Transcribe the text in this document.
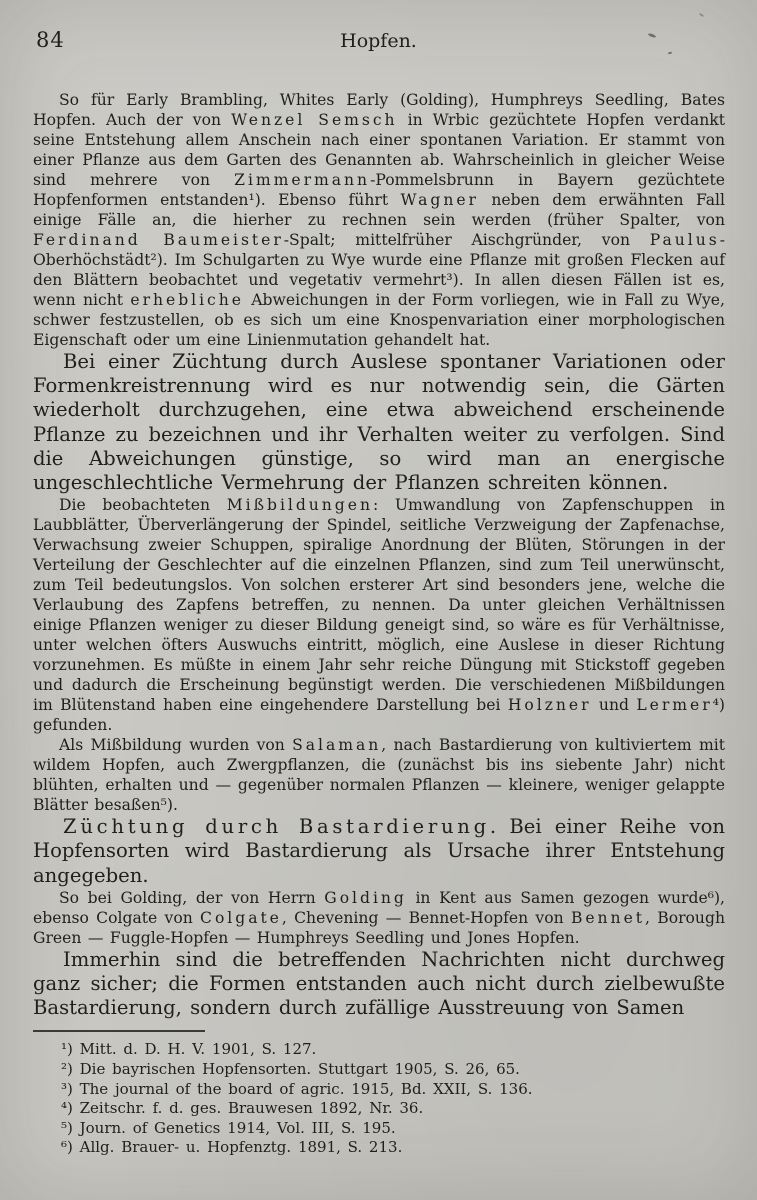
84	Hopfen.

So für Early Brambling, Whites Early (Golding), Humphreys Seedling, Bates Hopfen. Auch der von Wenzel Semsch in Wrbic gezüchtete Hopfen verdankt seine Entstehung allem Anschein nach einer spontanen Variation. Er stammt von einer Pflanze aus dem Garten des Genannten ab. Wahrscheinlich in gleicher Weise sind mehrere von Zimmermann-Pommelsbrunn in Bayern gezüchtete Hopfenformen entstanden¹). Ebenso führt Wagner neben dem erwähnten Fall einige Fälle an, die hierher zu rechnen sein werden (früher Spalter, von Ferdinand Baumeister-Spalt; mittelfrüher Aischgründer, von Paulus-Oberhöchstädt²). Im Schulgarten zu Wye wurde eine Pflanze mit großen Flecken auf den Blättern beobachtet und vegetativ vermehrt³). In allen diesen Fällen ist es, wenn nicht erhebliche Abweichungen in der Form vorliegen, wie in Fall zu Wye, schwer festzustellen, ob es sich um eine Knospenvariation einer morphologischen Eigenschaft oder um eine Linienmutation gehandelt hat.

Bei einer Züchtung durch Auslese spontaner Variationen oder Formenkreistrennung wird es nur notwendig sein, die Gärten wiederholt durchzugehen, eine etwa abweichend erscheinende Pflanze zu bezeichnen und ihr Verhalten weiter zu verfolgen. Sind die Abweichungen günstige, so wird man an energische ungeschlechtliche Vermehrung der Pflanzen schreiten können.

Die beobachteten Mißbildungen: Umwandlung von Zapfenschuppen in Laubblätter, Überverlängerung der Spindel, seitliche Verzweigung der Zapfenachse, Verwachsung zweier Schuppen, spiralige Anordnung der Blüten, Störungen in der Verteilung der Geschlechter auf die einzelnen Pflanzen, sind zum Teil unerwünscht, zum Teil bedeutungslos. Von solchen ersterer Art sind besonders jene, welche die Verlaubung des Zapfens betreffen, zu nennen. Da unter gleichen Verhältnissen einige Pflanzen weniger zu dieser Bildung geneigt sind, so wäre es für Verhältnisse, unter welchen öfters Auswuchs eintritt, möglich, eine Auslese in dieser Richtung vorzunehmen. Es müßte in einem Jahr sehr reiche Düngung mit Stickstoff gegeben und dadurch die Erscheinung begünstigt werden. Die verschiedenen Mißbildungen im Blütenstand haben eine eingehendere Darstellung bei Holzner und Lermer⁴) gefunden.

Als Mißbildung wurden von Salaman, nach Bastardierung von kultiviertem mit wildem Hopfen, auch Zwergpflanzen, die (zunächst bis ins siebente Jahr) nicht blühten, erhalten und — gegenüber normalen Pflanzen — kleinere, weniger gelappte Blätter besaßen⁵).

Züchtung durch Bastardierung. Bei einer Reihe von Hopfensorten wird Bastardierung als Ursache ihrer Entstehung angegeben.

So bei Golding, der von Herrn Golding in Kent aus Samen gezogen wurde⁶), ebenso Colgate von Colgate, Chevening — Bennet-Hopfen von Bennet, Borough Green — Fuggle-Hopfen — Humphreys Seedling und Jones Hopfen.

Immerhin sind die betreffenden Nachrichten nicht durchweg ganz sicher; die Formen entstanden auch nicht durch zielbewußte Bastardierung, sondern durch zufällige Ausstreuung von Samen

¹) Mitt. d. D. H. V. 1901, S. 127.

²) Die bayrischen Hopfensorten. Stuttgart 1905, S. 26, 65.

³) The journal of the board of agric. 1915, Bd. XXII, S. 136.

⁴) Zeitschr. f. d. ges. Brauwesen 1892, Nr. 36.

⁵) Journ. of Genetics 1914, Vol. III, S. 195.

⁶) Allg. Brauer- u. Hopfenztg. 1891, S. 213.
